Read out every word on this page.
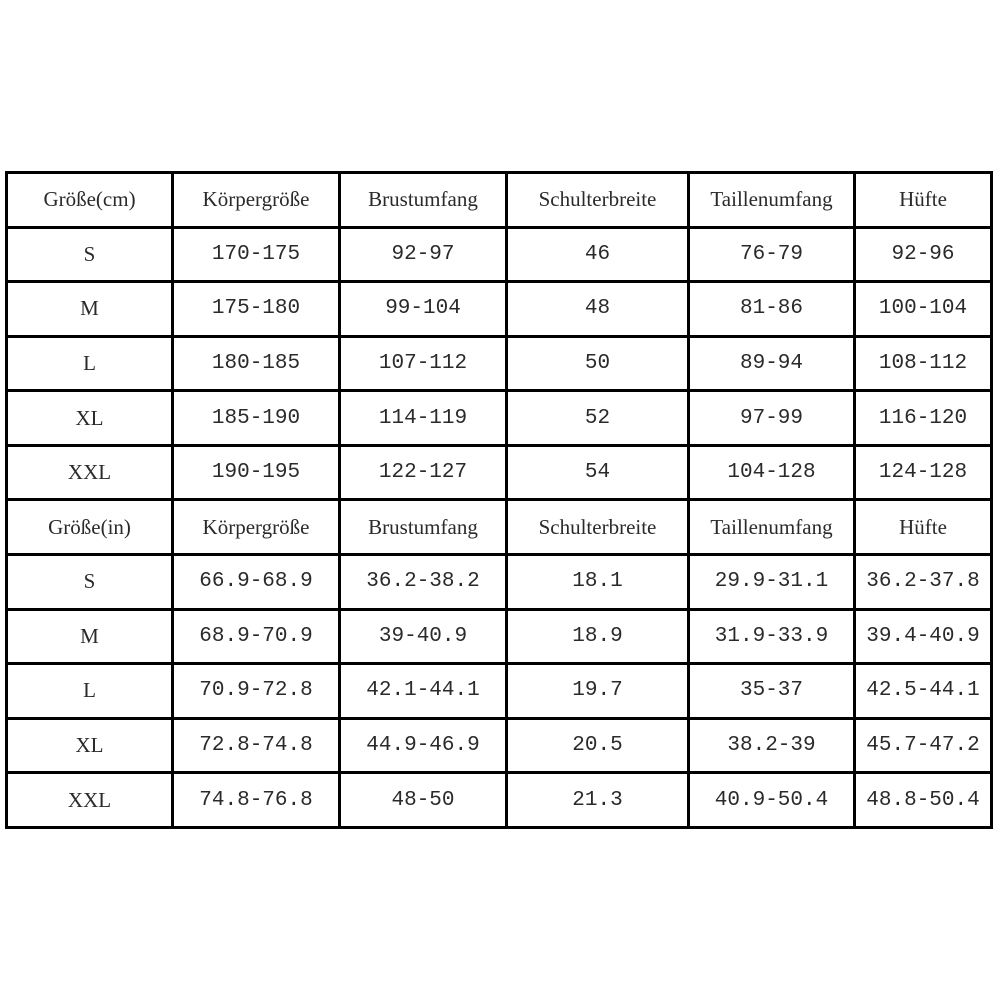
Größe(cm)	Körpergröße	Brustumfang	Schulterbreite	Taillenumfang	Hüfte
S	170-175	92-97	46	76-79	92-96
M	175-180	99-104	48	81-86	100-104
L	180-185	107-112	50	89-94	108-112
XL	185-190	114-119	52	97-99	116-120
XXL	190-195	122-127	54	104-128	124-128
Größe(in)	Körpergröße	Brustumfang	Schulterbreite	Taillenumfang	Hüfte
S	66.9-68.9	36.2-38.2	18.1	29.9-31.1	36.2-37.8
M	68.9-70.9	39-40.9	18.9	31.9-33.9	39.4-40.9
L	70.9-72.8	42.1-44.1	19.7	35-37	42.5-44.1
XL	72.8-74.8	44.9-46.9	20.5	38.2-39	45.7-47.2
XXL	74.8-76.8	48-50	21.3	40.9-50.4	48.8-50.4
